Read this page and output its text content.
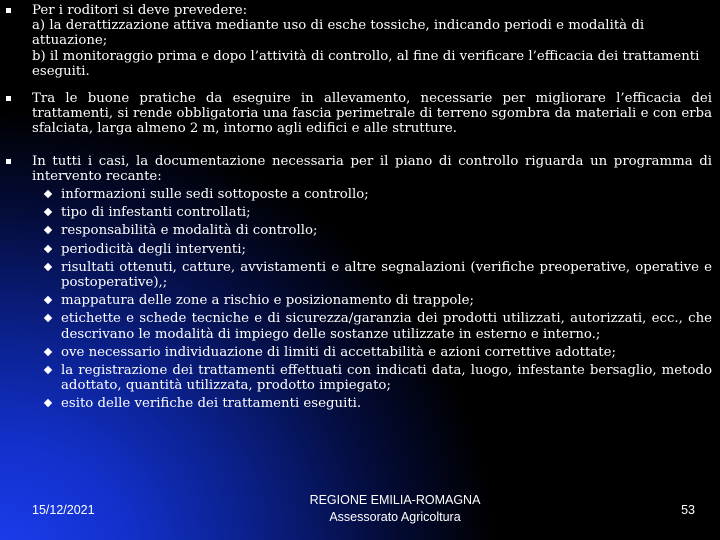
Per i roditori si deve prevedere:

a) la derattizzazione attiva mediante uso di esche tossiche, indicando periodi e modalità di attuazione;

b) il monitoraggio prima e dopo l’attività di controllo, al fine di verificare l’efficacia dei trattamenti eseguiti.

Tra le buone pratiche da eseguire in allevamento, necessarie per migliorare l’efficacia dei trattamenti, si rende obbligatoria una fascia perimetrale di terreno sgombra da materiali e con erba sfalciata, larga almeno 2 m, intorno agli edifici e alle strutture.

In tutti i casi, la documentazione necessaria per il piano di controllo riguarda un programma di intervento recante:

informazioni sulle sedi sottoposte a controllo;
tipo di infestanti controllati;
responsabilità e modalità di controllo;
periodicità degli interventi;
risultati ottenuti, catture, avvistamenti e altre segnalazioni (verifiche preoperative, operative e postoperative),;
mappatura delle zone a rischio e posizionamento di trappole;
etichette e schede tecniche e di sicurezza/garanzia dei prodotti utilizzati, autorizzati, ecc., che descrivano le modalità di impiego delle sostanze utilizzate in esterno e interno.;
ove necessario individuazione di limiti di accettabilità e azioni correttive adottate;
la registrazione dei trattamenti effettuati con indicati data, luogo, infestante bersaglio, metodo adottato, quantità utilizzata, prodotto impiegato;
esito delle verifiche dei trattamenti eseguiti.
15/12/2021
REGIONE EMILIA-ROMAGNA
Assessorato Agricoltura	53
